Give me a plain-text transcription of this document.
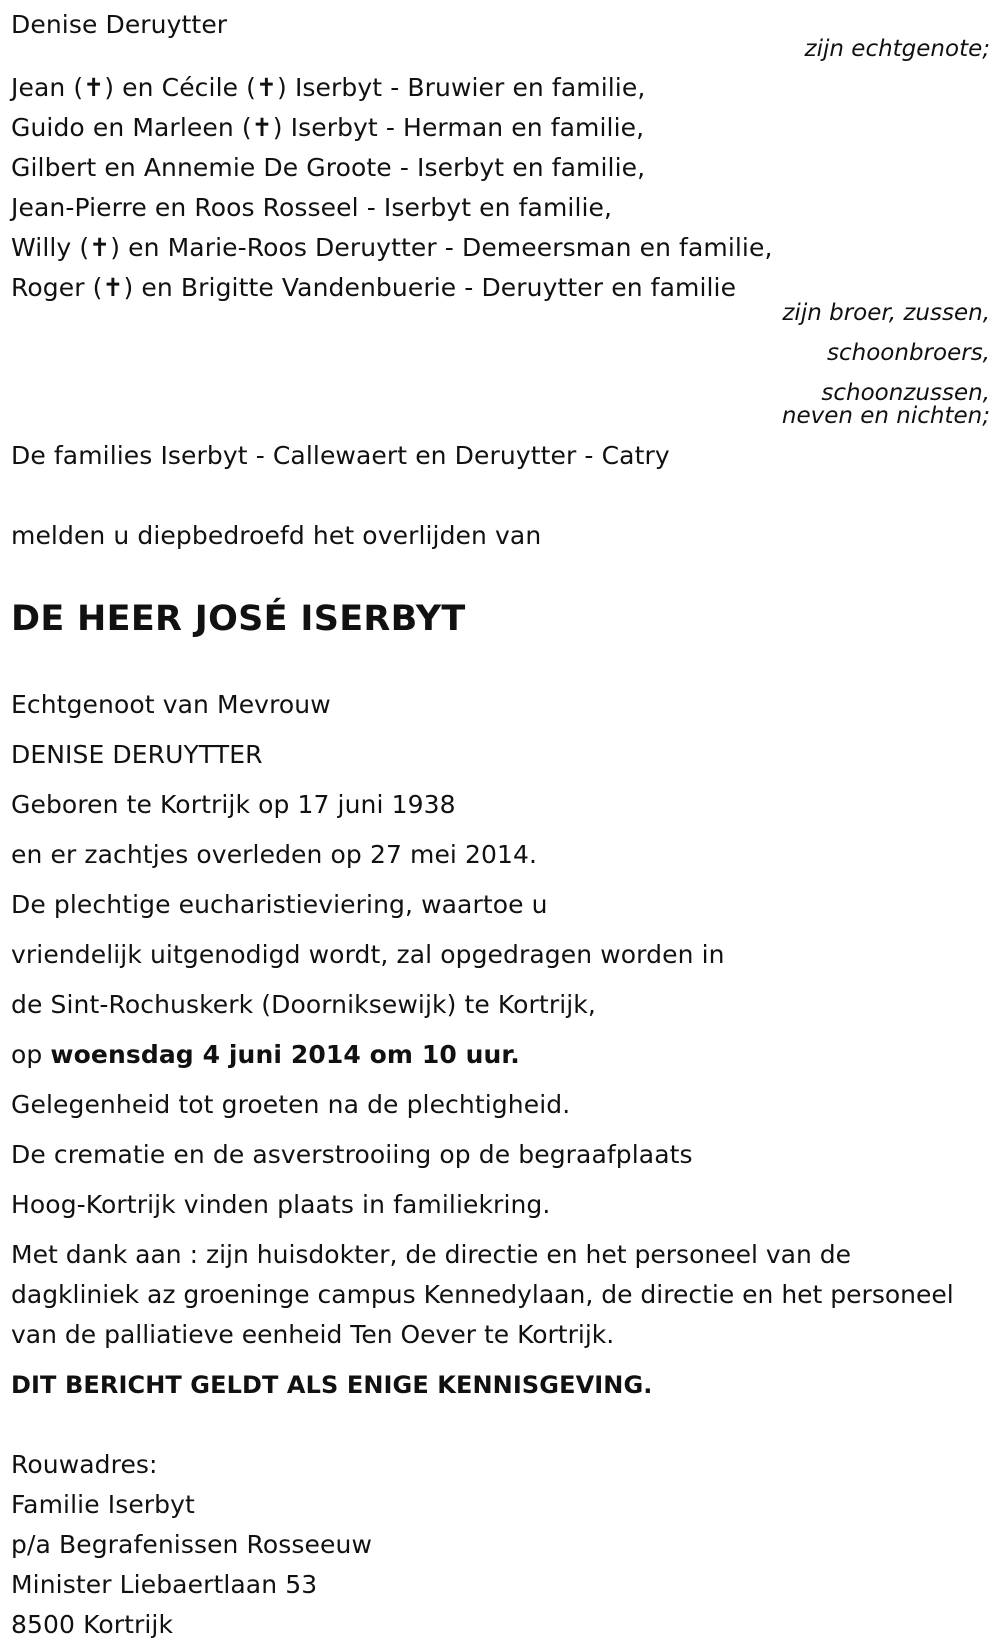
Denise Deruytter
zijn echtgenote;
Jean (✝) en Cécile (✝) Iserbyt - Bruwier en familie,
Guido en Marleen (✝) Iserbyt - Herman en familie,
Gilbert en Annemie De Groote - Iserbyt en familie,
Jean-Pierre en Roos Rosseel - Iserbyt en familie,
Willy (✝) en Marie-Roos Deruytter - Demeersman en familie,
Roger (✝) en Brigitte Vandenbuerie - Deruytter en familie
zijn broer, zussen,
schoonbroers,
schoonzussen,
neven en nichten;
De families Iserbyt - Callewaert en Deruytter - Catry
melden u diepbedroefd het overlijden van
DE HEER JOSÉ ISERBYT
Echtgenoot van Mevrouw
DENISE DERUYTTER
Geboren te Kortrijk op 17 juni 1938
en er zachtjes overleden op 27 mei 2014.
De plechtige eucharistieviering, waartoe u
vriendelijk uitgenodigd wordt, zal opgedragen worden in
de Sint-Rochuskerk (Doorniksewijk) te Kortrijk,
op woensdag 4 juni 2014 om 10 uur.
Gelegenheid tot groeten na de plechtigheid.
De crematie en de asverstrooiing op de begraafplaats
Hoog-Kortrijk vinden plaats in familiekring.
Met dank aan : zijn huisdokter, de directie en het personeel van de dagkliniek az groeninge campus Kennedylaan, de directie en het personeel van de palliatieve eenheid Ten Oever te Kortrijk.
DIT BERICHT GELDT ALS ENIGE KENNISGEVING.
Rouwadres:
Familie Iserbyt
p/a Begrafenissen Rosseeuw
Minister Liebaertlaan 53
8500 Kortrijk
